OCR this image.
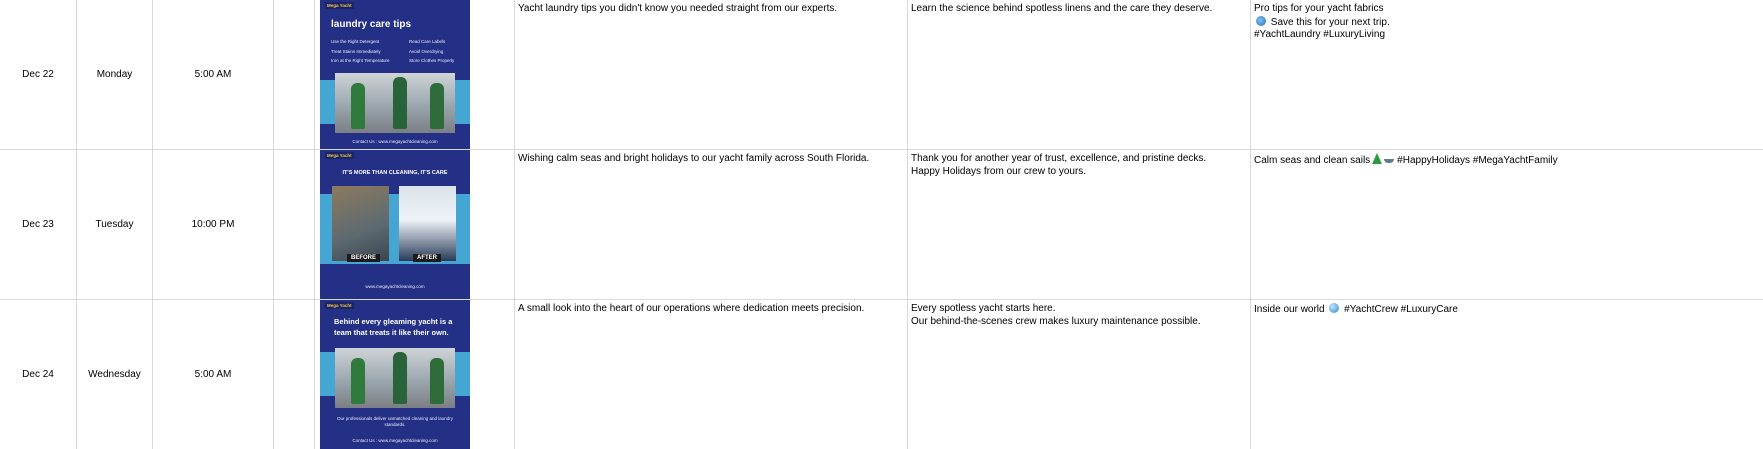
Dec 22	Monday	5:00 AM
Mega Yacht
laundry care tips
Use the Right Detergent
Treat Stains Immediately
Iron at the Right Temperature
Read Care Labels
Avoid Overdrying
Store Clothes Properly
Contact Us : www.megayachtcleaning.com
Yacht laundry tips you didn't know you needed straight from our experts.	Learn the science behind spotless linens and the care they deserve.	Pro tips for your yacht fabrics
Save this for your next trip.
#YachtLaundry #LuxuryLiving
Dec 23	Tuesday	10:00 PM
Mega Yacht
IT'S MORE THAN CLEANING, IT'S CARE
BEFORE	AFTER
www.megayachtcleaning.com
Wishing calm seas and bright holidays to our yacht family across South Florida.	Thank you for another year of trust, excellence, and pristine decks.
Happy Holidays from our crew to yours.
Calm seas and clean sails	#HappyHolidays #MegaYachtFamily
Dec 24	Wednesday	5:00 AM
Mega Yacht
Behind every gleaming yacht is a team that treats it like their own.
Our professionals deliver unmatched cleaning and laundry standards.
Contact Us : www.megayachtcleaning.com
A small look into the heart of our operations where dedication meets precision.	Every spotless yacht starts here.
Our behind-the-scenes crew makes luxury maintenance possible.
Inside our world #YachtCrew #LuxuryCare
